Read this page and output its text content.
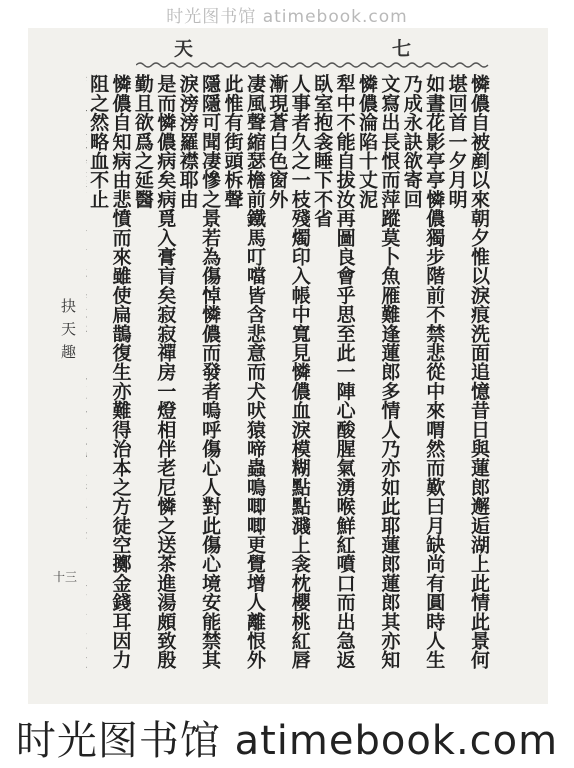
时光图书馆 atimebook.com
天	七

憐儂自被剷以來朝夕惟以淚痕洗面追憶昔日與蓮郎邂逅湖上此情此景何堪回首一夕月明

如晝花影亭亭憐儂獨步階前不禁悲從中來喟然而歎曰月缺尚有圓時人生乃成永訣欲寄回

文寫出長恨而萍蹤莫卜魚雁難逢蓮郎多情人乃亦如此耶蓮郎蓮郎其亦知憐儂淪陷十丈泥

犁中不能自拔汝再圖良會乎思至此一陣心酸腥氣湧喉鮮紅噴口而出急返臥室抱衾睡下不省

人事者久之一枝殘燭印入帳中寬見憐儂血淚模糊點點濺上衾枕櫻桃紅唇漸現蒼白色窗外

凄風聲縮瑟檐前鐵馬叮噹皆含悲意而犬吠猿啼蟲鳴唧唧更覺增人離恨外此惟有街頭柝聲

隱隱可聞凄慘之景若為傷悼憐儂而發者嗚呼傷心人對此傷心境安能禁其淚滂滂羅襟耶由

是而憐儂病矣病覓入膏肓矣寂寂禪房一燈相伴老尼憐之送茶進湯頗致殷勤且欲爲之延醫

憐儂自知病由悲憤而來雖使扁鵲復生亦難得治本之方徒空擲金錢耳因力阻之然略血不止

抉天趣
十三
时光图书馆 atimebook.com
